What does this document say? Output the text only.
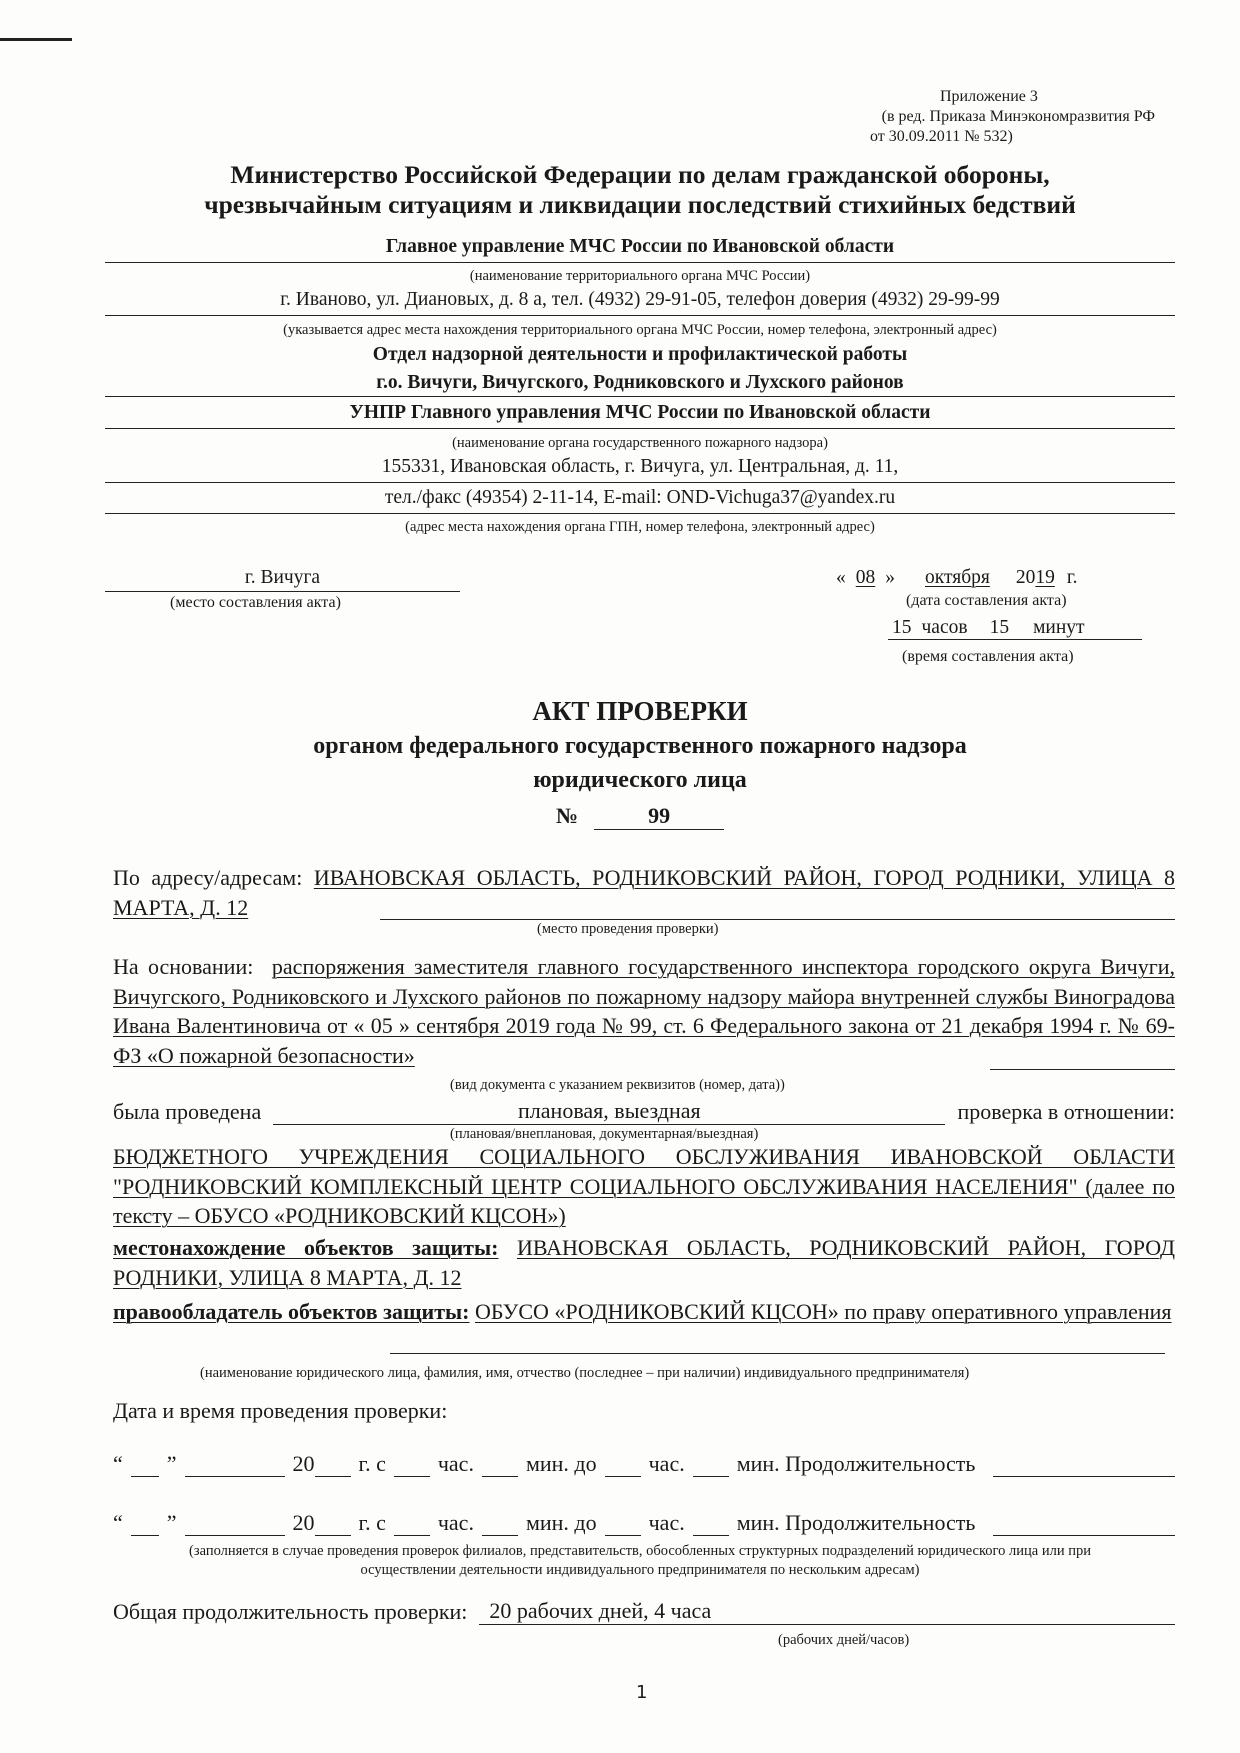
Приложение 3
(в ред. Приказа Минэкономразвития РФ
от 30.09.2011 № 532)
Министерство Российской Федерации по делам гражданской обороны,
чрезвычайным ситуациям и ликвидации последствий стихийных бедствий
Главное управление МЧС России по Ивановской области
(наименование территориального органа МЧС России)
г. Иваново, ул. Диановых, д. 8 а, тел. (4932) 29-91-05, телефон доверия (4932) 29-99-99
(указывается адрес места нахождения территориального органа МЧС России, номер телефона, электронный адрес)
Отдел надзорной деятельности и профилактической работы
г.о. Вичуги, Вичугского, Родниковского и Лухского районов
УНПР Главного управления МЧС России по Ивановской области
(наименование органа государственного пожарного надзора)
155331, Ивановская область, г. Вичуга, ул. Центральная, д. 11,
тел./факс (49354) 2-11-14, E-mail: OND-Vichuga37@yandex.ru
(адрес места нахождения органа ГПН, номер телефона, электронный адрес)
г. Вичуга
(место составления акта)
« 08 »	октября	20 19 г.
(дата составления акта)
15 часов 15 минут
(время составления акта)
АКТ ПРОВЕРКИ
органом федерального государственного пожарного надзора
юридического лица
№	99
По адресу/адресам: ИВАНОВСКАЯ ОБЛАСТЬ, РОДНИКОВСКИЙ РАЙОН, ГОРОД РОДНИКИ, УЛИЦА 8 МАРТА, Д. 12
(место проведения проверки)
На основании: распоряжения заместителя главного государственного инспектора городского округа Вичуги, Вичугского, Родниковского и Лухского районов по пожарному надзору майора внутренней службы Виноградова Ивана Валентиновича от « 05 » сентября 2019 года № 99, ст. 6 Федерального закона от 21 декабря 1994 г. № 69-ФЗ «О пожарной безопасности»
(вид документа с указанием реквизитов (номер, дата))
была проведена	плановая, выездная	проверка в отношении:
(плановая/внеплановая, документарная/выездная)
БЮДЖЕТНОГО УЧРЕЖДЕНИЯ СОЦИАЛЬНОГО ОБСЛУЖИВАНИЯ ИВАНОВСКОЙ ОБЛАСТИ "РОДНИКОВСКИЙ КОМПЛЕКСНЫЙ ЦЕНТР СОЦИАЛЬНОГО ОБСЛУЖИВАНИЯ НАСЕЛЕНИЯ" (далее по тексту – ОБУСО «РОДНИКОВСКИЙ КЦСОН»)
местонахождение объектов защиты: ИВАНОВСКАЯ ОБЛАСТЬ, РОДНИКОВСКИЙ РАЙОН, ГОРОД РОДНИКИ, УЛИЦА 8 МАРТА, Д. 12
правообладатель объектов защиты: ОБУСО «РОДНИКОВСКИЙ КЦСОН» по праву оперативного управления
(наименование юридического лица, фамилия, имя, отчество (последнее – при наличии) индивидуального предпринимателя)
Дата и время проведения проверки:
“ ”	20 г. с час. мин. до час. мин. Продолжительность
“ ”	20 г. с час. мин. до час. мин. Продолжительность
(заполняется в случае проведения проверок филиалов, представительств, обособленных структурных подразделений юридического лица или при
осуществлении деятельности индивидуального предпринимателя по нескольким адресам)
Общая продолжительность проверки:	20 рабочих дней, 4 часа
(рабочих дней/часов)
1
